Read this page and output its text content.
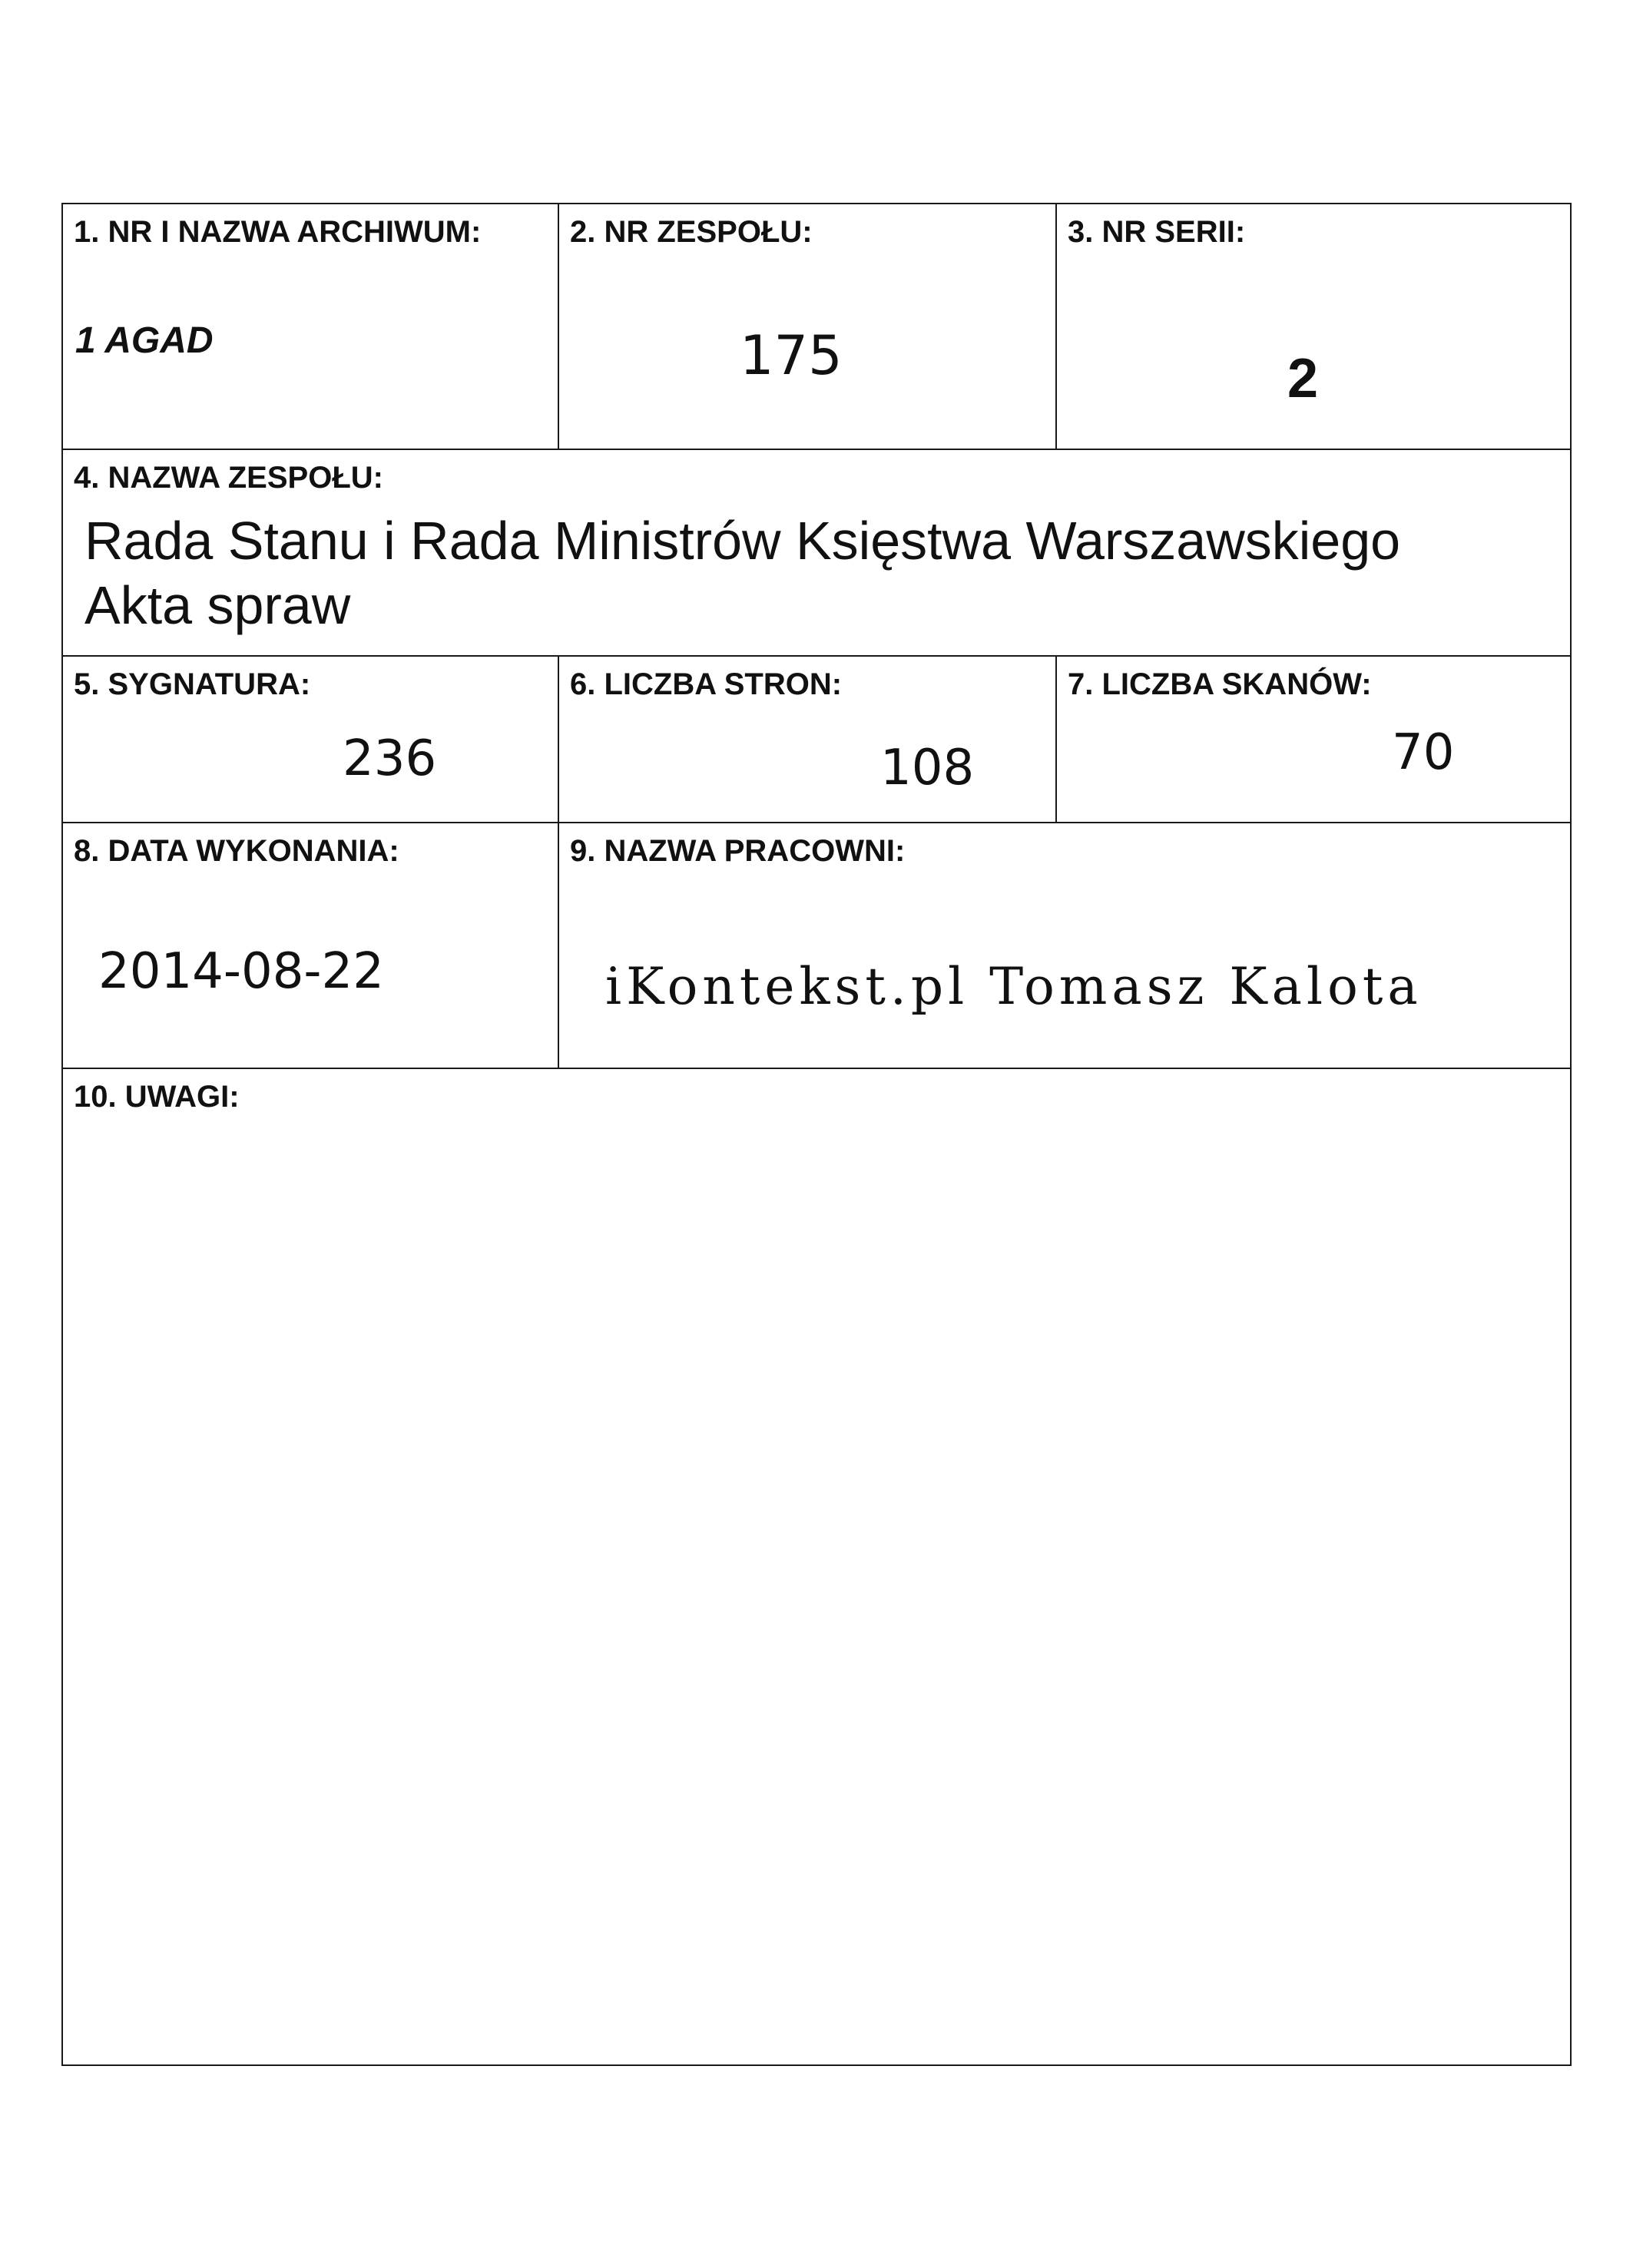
1. NR I NAZWA ARCHIWUM:
1 AGAD
2. NR ZESPOŁU:
175
3. NR SERII:
2
4. NAZWA ZESPOŁU:
Rada Stanu i Rada Ministrów Księstwa Warszawskiego
Akta spraw
5. SYGNATURA:
236
6. LICZBA STRON:
108
7. LICZBA SKANÓW:
70
8. DATA WYKONANIA:
2014-08-22
9. NAZWA PRACOWNI:
iKontekst.pl Tomasz Kalota
10. UWAGI:
